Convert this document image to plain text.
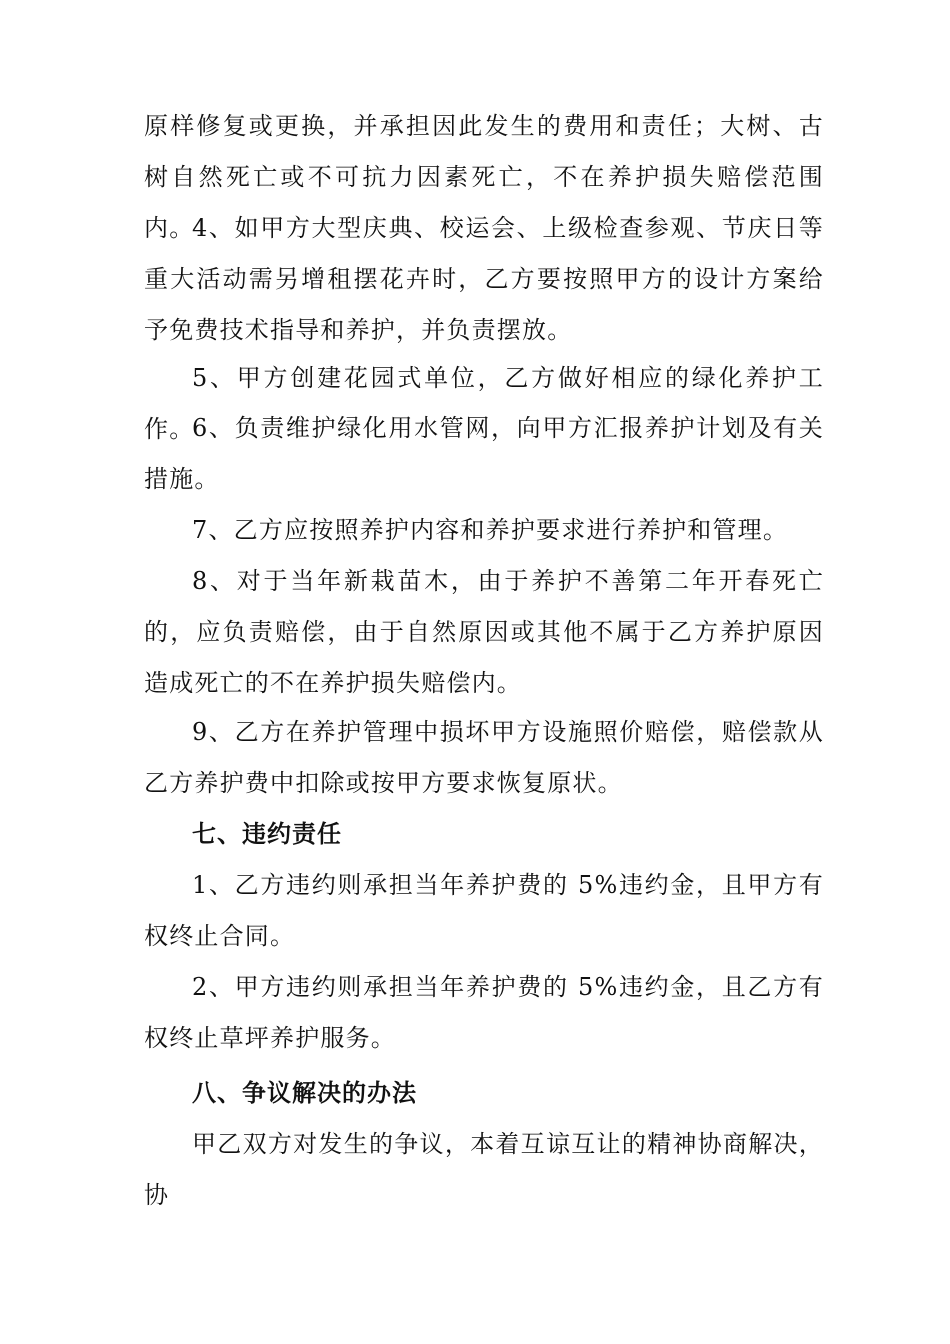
原样修复或更换，并承担因此发生的费用和责任；大树、古树自然死亡或不可抗力因素死亡，不在养护损失赔偿范围内。

4、如甲方大型庆典、校运会、上级检查参观、节庆日等重大活动需另增租摆花卉时，乙方要按照甲方的设计方案给予免费技术指导和养护，并负责摆放。

5、甲方创建花园式单位，乙方做好相应的绿化养护工作。

6、负责维护绿化用水管网，向甲方汇报养护计划及有关措施。

7、乙方应按照养护内容和养护要求进行养护和管理。

8、对于当年新栽苗木，由于养护不善第二年开春死亡的，应负责赔偿，由于自然原因或其他不属于乙方养护原因造成死亡的不在养护损失赔偿内。

9、乙方在养护管理中损坏甲方设施照价赔偿，赔偿款从乙方养护费中扣除或按甲方要求恢复原状。

七、违约责任

1、乙方违约则承担当年养护费的 5%违约金，且甲方有权终止合同。

2、甲方违约则承担当年养护费的 5%违约金，且乙方有权终止草坪养护服务。

八、争议解决的办法

甲乙双方对发生的争议，本着互谅互让的精神协商解决，协
